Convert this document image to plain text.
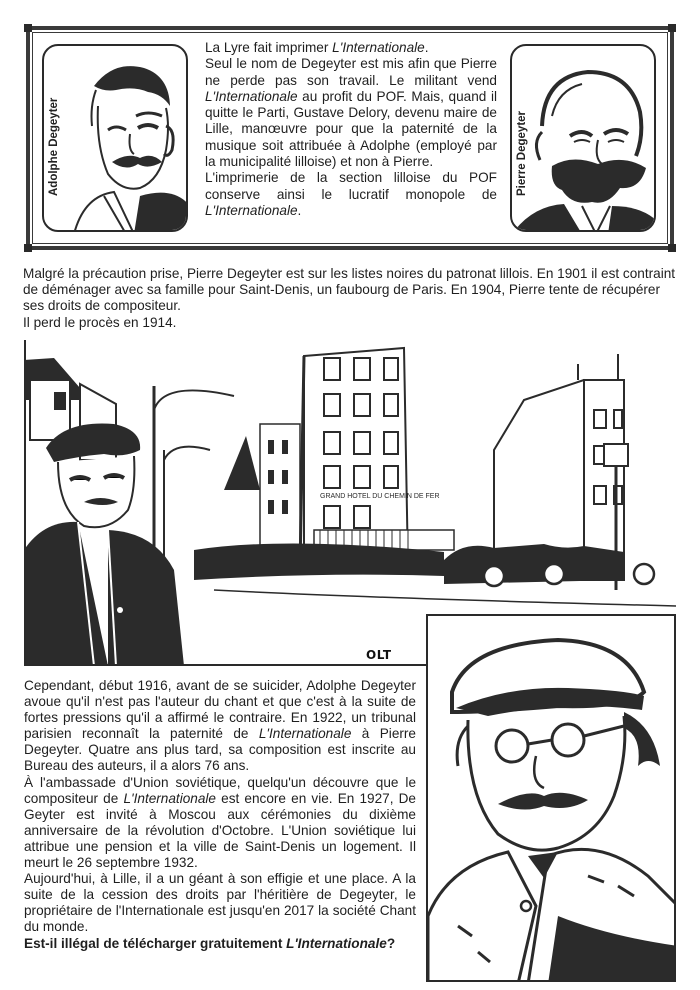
Adolphe Degeyter

La Lyre fait imprimer L'Internationale.

Seul le nom de Degeyter est mis afin que Pierre ne perde pas son travail. Le militant vend L'Internationale au profit du POF. Mais, quand il quitte le Parti, Gustave Delory, devenu maire de Lille, manœuvre pour que la paternité de la musique soit attribuée à Adolphe (employé par la municipalité lilloise) et non à Pierre.

L'imprimerie de la section lilloise du POF conserve ainsi le lucratif monopole de L'Internationale.

Pierre Degeyter

Malgré la précaution prise, Pierre Degeyter est sur les listes noires du patronat lillois. En 1901 il est contraint de déménager avec sa famille pour Saint-Denis, un faubourg de Paris. En 1904, Pierre tente de récupérer ses droits de compositeur.

Il perd le procès en 1914.

GRAND HOTEL DU CHEMIN DE FER
OLT

Cependant, début 1916, avant de se suicider, Adolphe Degeyter avoue qu'il n'est pas l'auteur du chant et que c'est à la suite de fortes pressions qu'il a affirmé le contraire. En 1922, un tribunal parisien reconnaît la paternité de L'Internationale à Pierre Degeyter. Quatre ans plus tard, sa composition est inscrite au Bureau des auteurs, il a alors 76 ans.

À l'ambassade d'Union soviétique, quelqu'un découvre que le compositeur de L'Internationale est encore en vie. En 1927, De Geyter est invité à Moscou aux cérémonies du dixième anniversaire de la révolution d'Octobre. L'Union soviétique lui attribue une pension et la ville de Saint-Denis un logement. Il meurt le 26 septembre 1932.

Aujourd'hui, à Lille, il a un géant à son effigie et une place. A la suite de la cession des droits par l'héritière de Degeyter, le propriétaire de l'Internationale est jusqu'en 2017 la société Chant du monde.

Est-il illégal de télécharger gratuitement L'Internationale?
